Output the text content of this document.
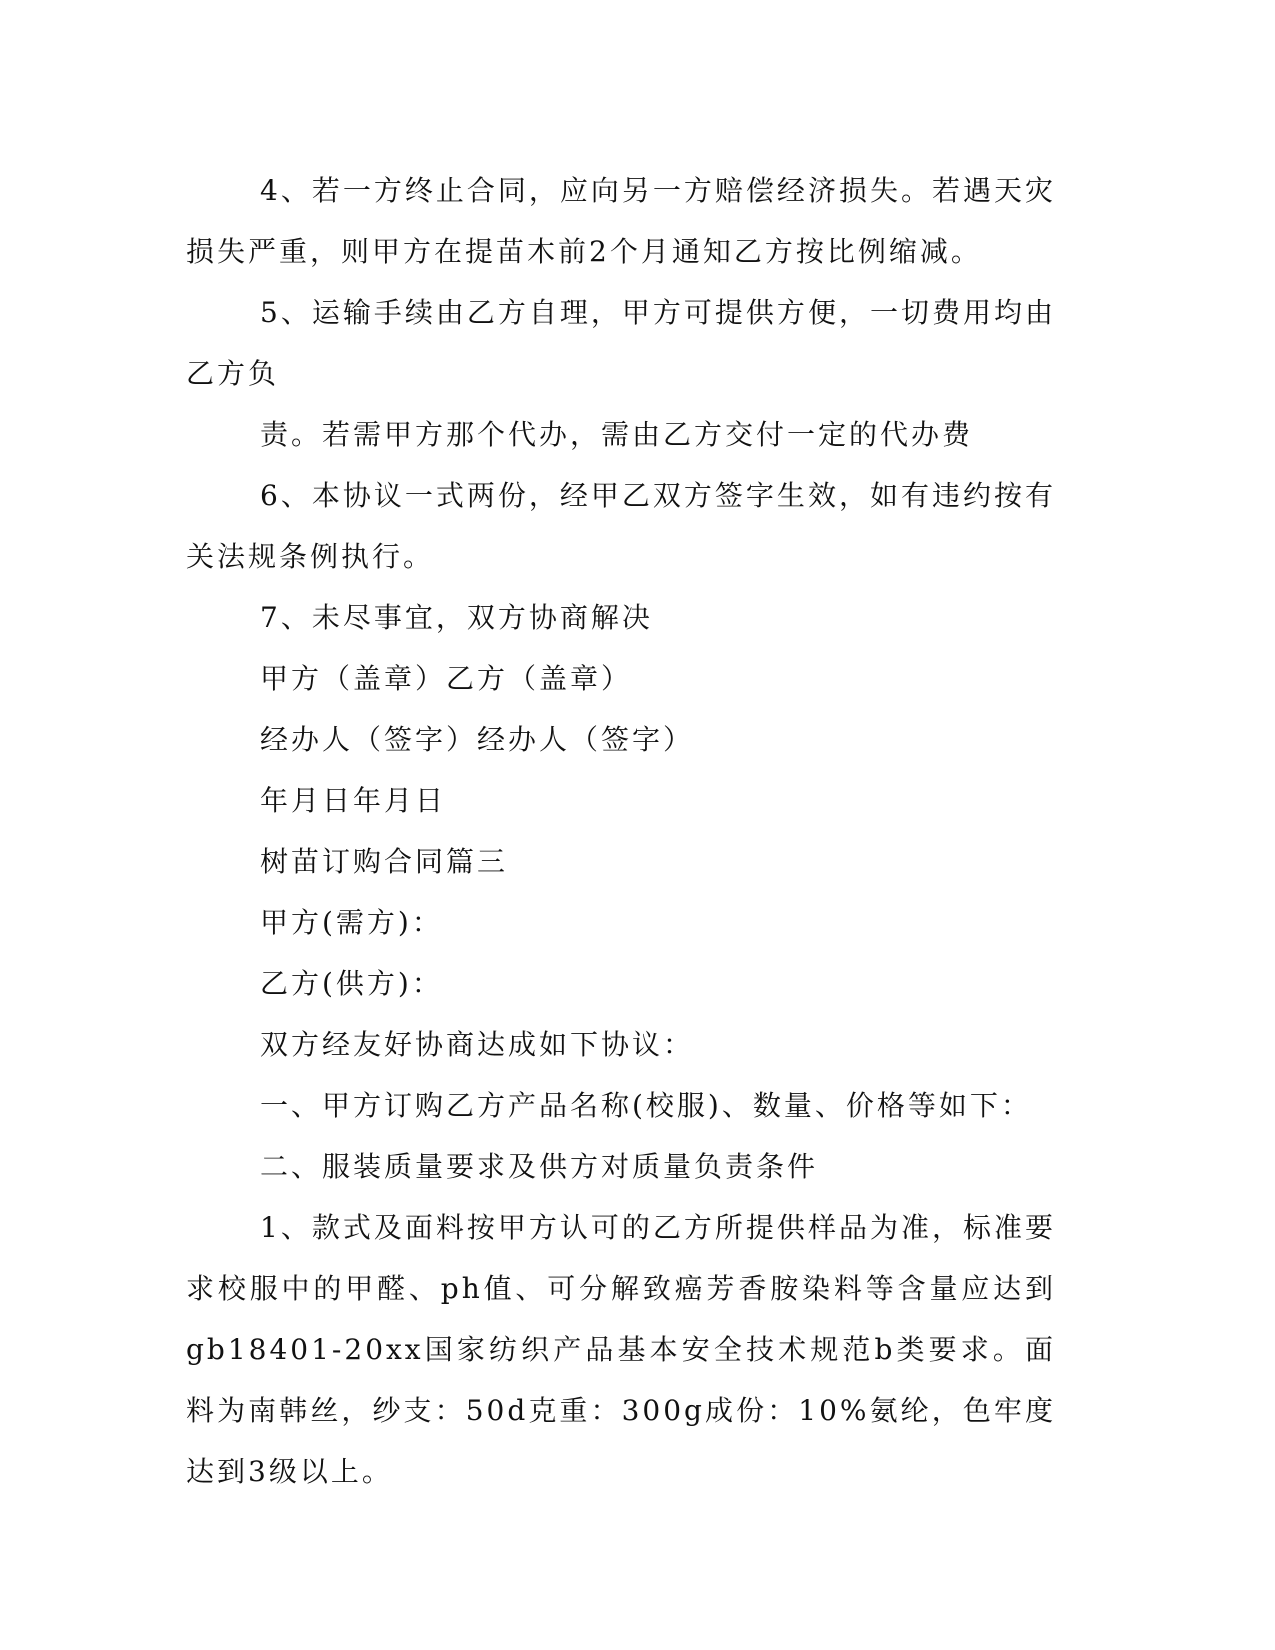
4、若一方终止合同，应向另一方赔偿经济损失。若遇天灾损失严重，则甲方在提苗木前2个月通知乙方按比例缩减。

5、运输手续由乙方自理，甲方可提供方便，一切费用均由乙方负

责。若需甲方那个代办，需由乙方交付一定的代办费

6、本协议一式两份，经甲乙双方签字生效，如有违约按有关法规条例执行。

7、未尽事宜，双方协商解决

甲方（盖章）乙方（盖章）

经办人（签字）经办人（签字）

年月日年月日

树苗订购合同篇三

甲方(需方)：

乙方(供方)：

双方经友好协商达成如下协议：

一、甲方订购乙方产品名称(校服)、数量、价格等如下：

二、服装质量要求及供方对质量负责条件

1、款式及面料按甲方认可的乙方所提供样品为准，标准要求校服中的甲醛、ph值、可分解致癌芳香胺染料等含量应达到gb18401-20xx国家纺织产品基本安全技术规范b类要求。面料为南韩丝，纱支：50d克重：300g成份：10%氨纶，色牢度达到3级以上。
